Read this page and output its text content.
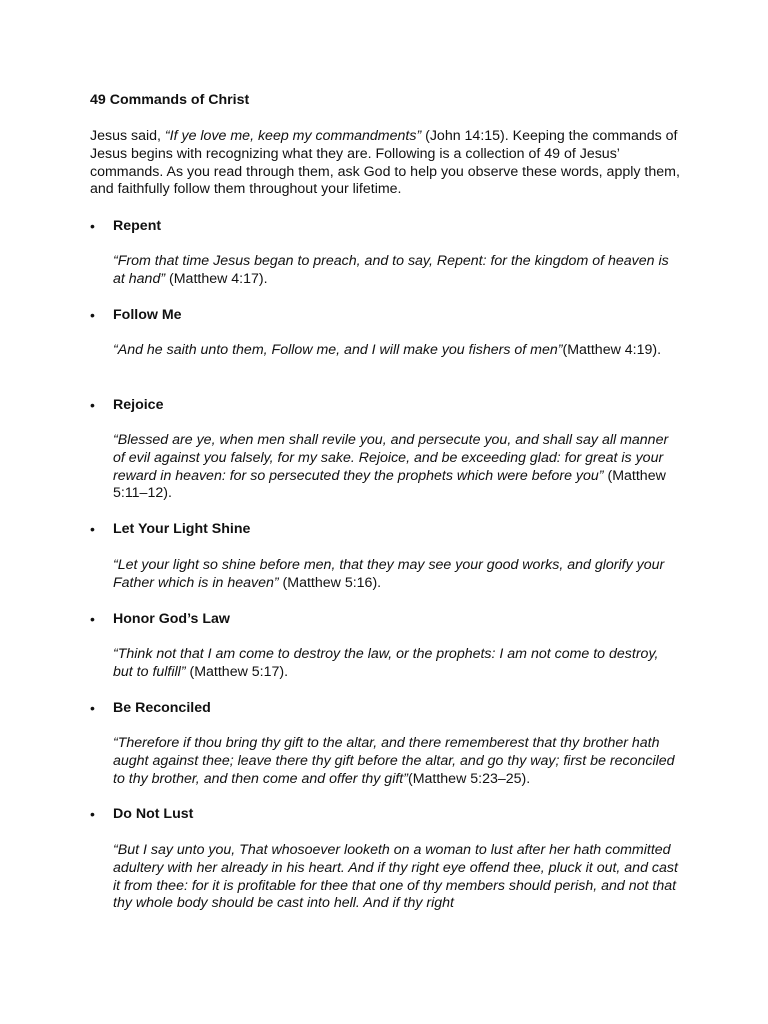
49 Commands of Christ

Jesus said, “If ye love me, keep my commandments” (John 14:15). Keeping the commands of Jesus begins with recognizing what they are. Following is a collection of 49 of Jesus’ commands. As you read through them, ask God to help you observe these words, apply them, and faithfully follow them throughout your lifetime.

• Repent

“From that time Jesus began to preach, and to say, Repent: for the kingdom of heaven is at hand” (Matthew 4:17).

• Follow Me

“And he saith unto them, Follow me, and I will make you fishers of men”(Matthew 4:19).

• Rejoice

“Blessed are ye, when men shall revile you, and persecute you, and shall say all manner of evil against you falsely, for my sake. Rejoice, and be exceeding glad: for great is your reward in heaven: for so persecuted they the prophets which were before you” (Matthew 5:11–12).

• Let Your Light Shine

“Let your light so shine before men, that they may see your good works, and glorify your Father which is in heaven” (Matthew 5:16).

• Honor God’s Law

“Think not that I am come to destroy the law, or the prophets: I am not come to destroy, but to fulfill” (Matthew 5:17).

• Be Reconciled

“Therefore if thou bring thy gift to the altar, and there rememberest that thy brother hath aught against thee; leave there thy gift before the altar, and go thy way; first be reconciled to thy brother, and then come and offer thy gift”(Matthew 5:23–25).

• Do Not Lust

“But I say unto you, That whosoever looketh on a woman to lust after her hath committed adultery with her already in his heart. And if thy right eye offend thee, pluck it out, and cast it from thee: for it is profitable for thee that one of thy members should perish, and not that thy whole body should be cast into hell. And if thy right
